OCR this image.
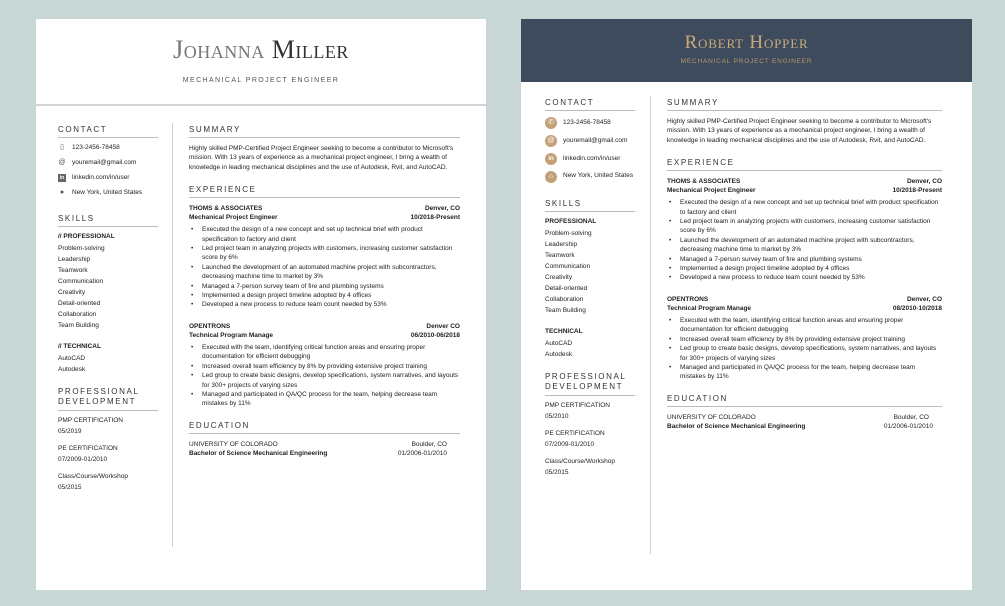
Johanna Miller
MECHANICAL PROJECT ENGINEER
CONTACT
▯	123-2456-78458
@ youremail@gmail.com
in linkedin.com/in/user
● New York, United States
SKILLS
// PROFESSIONAL
Problem-solving
Leadership
Teamwork
Communication
Creativity
Detail-oriented
Collaboration
Team Building
// TECHNICAL
AutoCAD
Autodesk
PROFESSIONAL DEVELOPMENT
PMP CERTIFICATION
05/2019
PE CERTIFICATION
07/2009-01/2010
Class/Course/Workshop
05/2015
SUMMARY
Highly skilled PMP-Certified Project Engineer seeking to become a contributor to Microsoft's mission. With 13 years of experience as a mechanical project engineer, I bring a wealth of knowledge in leading mechanical disciplines and the use of Autodesk, Rvit, and AutoCAD.
EXPERIENCE
THOMS & ASSOCIATES	Denver, CO
Mechanical Project Engineer	10/2018-Present
• Executed the design of a new concept and set up technical brief with product specification to factory and client
• Led project team in analyzing projects with customers, increasing customer satisfaction score by 6%
• Launched the development of an automated machine project with subcontractors, decreasing machine time to market by 3%
• Managed a 7-person survey team of fire and plumbing systems
• Implemented a design project timeline adopted by 4 offices
• Developed a new process to reduce team count needed by 53%
OPENTRONS	Denver CO
Technical Program Manage	06/2010-06/2018
• Executed with the team, identifying critical function areas and ensuring proper documentation for efficient debugging
• Increased overall team efficiency by 8% by providing extensive project training
• Led group to create basic designs, develop specifications, system narratives, and layouts for 300+ projects of varying sizes
• Managed and participated in QA/QC process for the team, helping decrease team mistakes by 11%
EDUCATION
UNIVERSITY OF COLORADO	Boulder, CO
Bachelor of Science Mechanical Engineering	01/2006-01/2010
Robert Hopper
MECHANICAL PROJECT ENGINEER
CONTACT
✆	123-2456-78458
@	youremail@gmail.com
in	linkedin.com/in/user
⌂	New York, United States
SKILLS
PROFESSIONAL
Problem-solving
Leadership
Teamwork
Communication
Creativity
Detail-oriented
Collaboration
Team Building
TECHNICAL
AutoCAD
Autodesk
PROFESSIONAL DEVELOPMENT
PMP CERTIFICATION
05/2010
PE CERTIFICATION
07/2009-01/2010
Class/Course/Workshop
05/2015
SUMMARY
Highly skilled PMP-Certified Project Engineer seeking to become a contributor to Microsoft's mission. With 13 years of experience as a mechanical project engineer, I bring a wealth of knowledge in leading mechanical disciplines and the use of Autodesk, Rvit, and AutoCAD.
EXPERIENCE
THOMS & ASSOCIATES	Denver, CO
Mechanical Project Engineer	10/2018-Present
• Executed the design of a new concept and set up technical brief with product specification to factory and client
• Led project team in analyzing projects with customers, increasing customer satisfaction score by 6%
• Launched the development of an automated machine project with subcontractors, decreasing machine time to market by 3%
• Managed a 7-person survey team of fire and plumbing systems
• Implemented a design project timeline adopted by 4 offices
• Developed a new process to reduce team count needed by 53%
OPENTRONS	Denver, CO
Technical Program Manage	08/2010-10/2018
• Executed with the team, identifying critical function areas and ensuring proper documentation for efficient debugging
• Increased overall team efficiency by 8% by providing extensive project training
• Led group to create basic designs, develop specifications, system narratives, and layouts for 300+ projects of varying sizes
• Managed and participated in QA/QC process for the team, helping decrease team mistakes by 11%
EDUCATION
UNIVERSITY OF COLORADO	Boulder, CO
Bachelor of Science Mechanical Engineering	01/2006-01/2010
